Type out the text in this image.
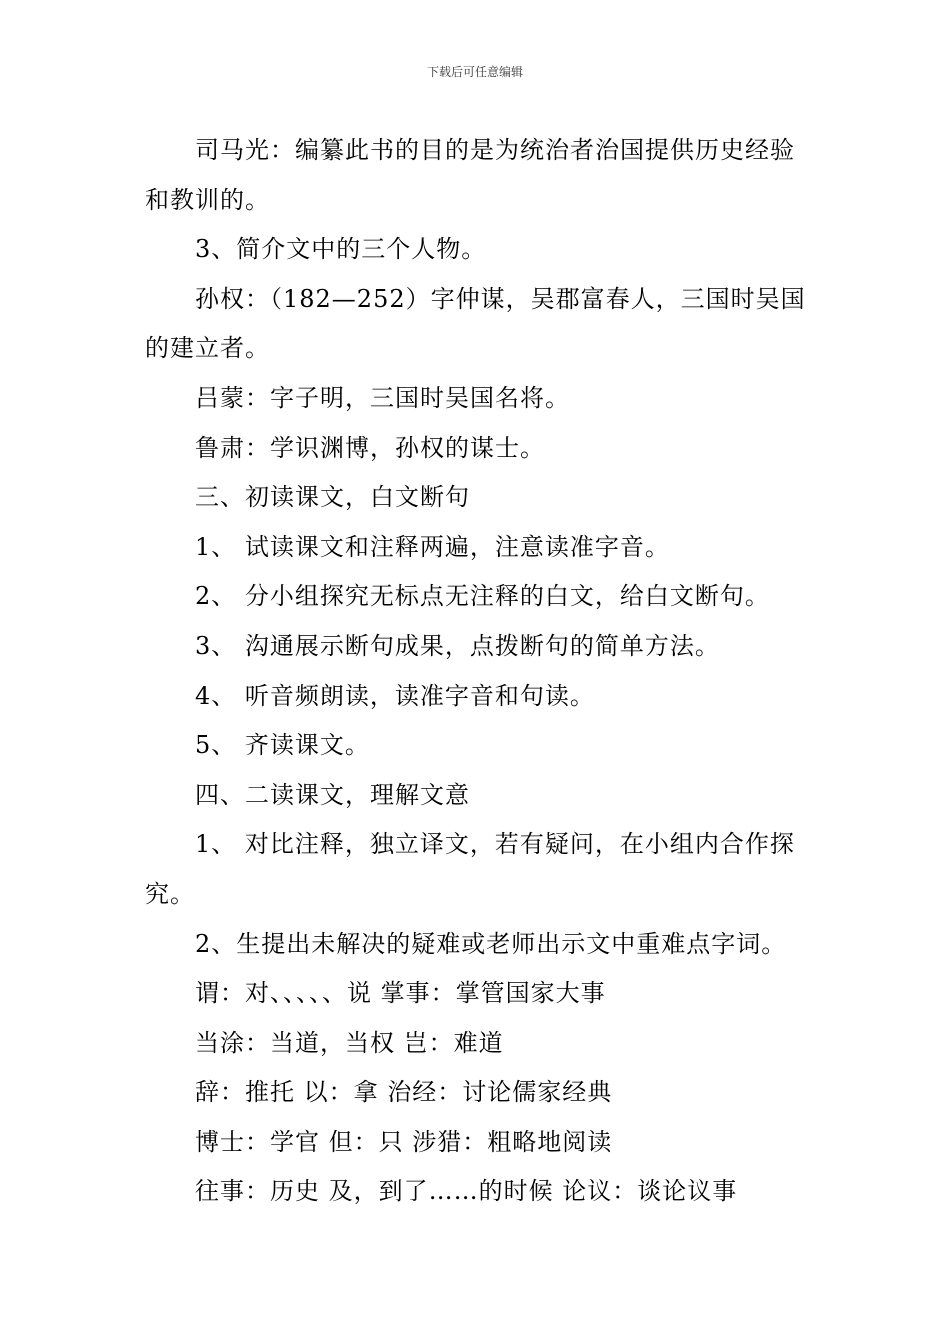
下载后可任意编辑

司马光：编纂此书的目的是为统治者治国提供历史经验和教训的。

3、简介文中的三个人物。

孙权：（182—252）字仲谋，吴郡富春人，三国时吴国的建立者。

吕蒙：字子明，三国时吴国名将。

鲁肃：学识渊博，孙权的谋士。

三、初读课文，白文断句

1、 试读课文和注释两遍，注意读准字音。

2、 分小组探究无标点无注释的白文，给白文断句。

3、 沟通展示断句成果，点拨断句的简单方法。

4、 听音频朗读，读准字音和句读。

5、 齐读课文。

四、二读课文，理解文意

1、 对比注释，独立译文，若有疑问，在小组内合作探究。

2、生提出未解决的疑难或老师出示文中重难点字词。

谓：对、、、、、说 掌事：掌管国家大事

当涂：当道，当权 岂：难道

辞：推托 以：拿 治经：讨论儒家经典

博士：学官 但：只 涉猎：粗略地阅读

往事：历史 及，到了……的时候 论议：谈论议事
